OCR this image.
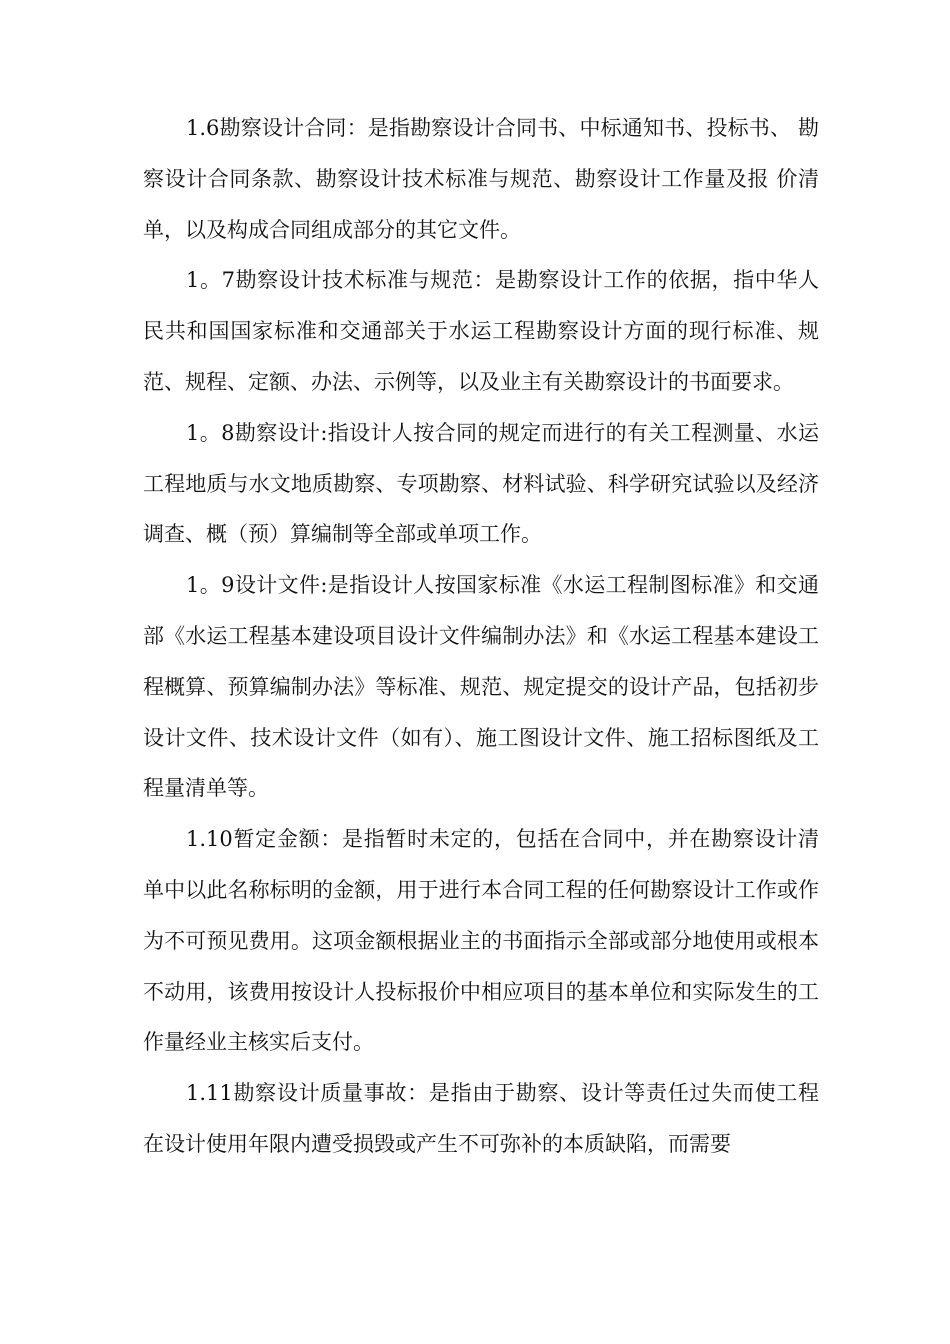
1.6勘察设计合同：是指勘察设计合同书、中标通知书、投标书、 勘察设计合同条款、勘察设计技术标准与规范、勘察设计工作量及报 价清单，以及构成合同组成部分的其它文件。

1。7勘察设计技术标准与规范：是勘察设计工作的依据，指中华人民共和国国家标准和交通部关于水运工程勘察设计方面的现行标准、规范、规程、定额、办法、示例等，以及业主有关勘察设计的书面要求。

1。8勘察设计:指设计人按合同的规定而进行的有关工程测量、水运工程地质与水文地质勘察、专项勘察、材料试验、科学研究试验以及经济调查、概（预）算编制等全部或单项工作。

1。9设计文件:是指设计人按国家标准《水运工程制图标准》和交通部《水运工程基本建设项目设计文件编制办法》和《水运工程基本建设工程概算、预算编制办法》等标准、规范、规定提交的设计产品，包括初步设计文件、技术设计文件（如有）、施工图设计文件、施工招标图纸及工程量清单等。

1.10暂定金额：是指暂时未定的，包括在合同中，并在勘察设计清单中以此名称标明的金额，用于进行本合同工程的任何勘察设计工作或作为不可预见费用。这项金额根据业主的书面指示全部或部分地使用或根本不动用，该费用按设计人投标报价中相应项目的基本单位和实际发生的工作量经业主核实后支付。

1.11勘察设计质量事故：是指由于勘察、设计等责任过失而使工程在设计使用年限内遭受损毁或产生不可弥补的本质缺陷，而需要
